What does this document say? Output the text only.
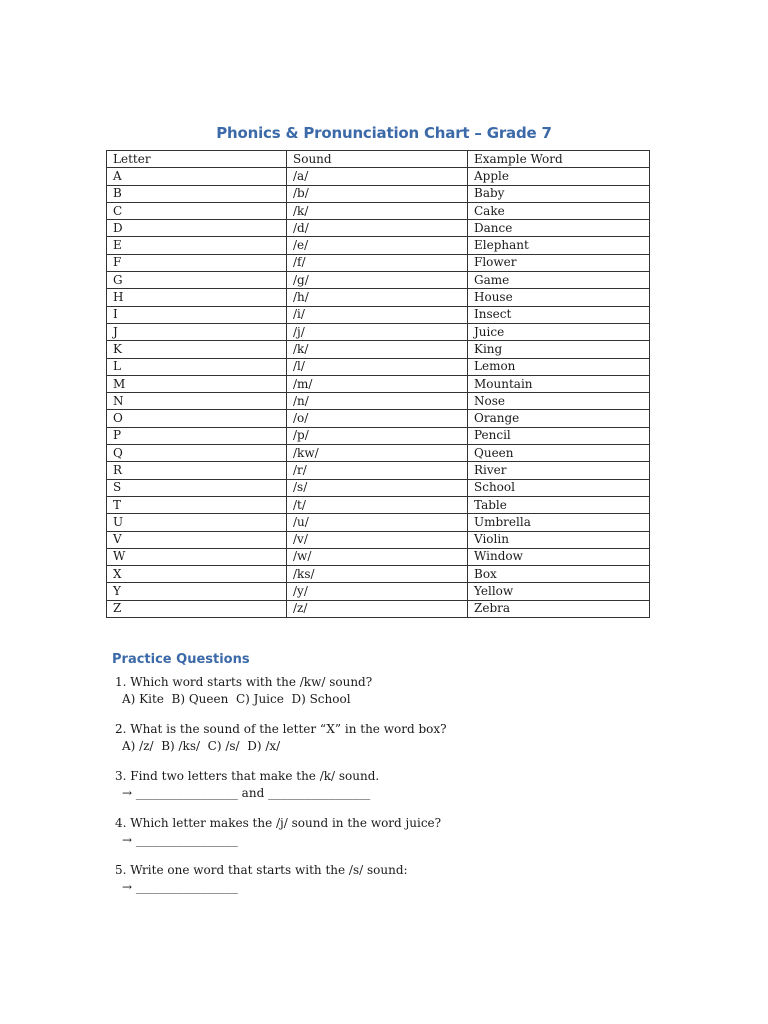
Phonics & Pronunciation Chart – Grade 7
Letter	Sound	Example Word
A	/a/	Apple
B	/b/	Baby
C	/k/	Cake
D	/d/	Dance
E	/e/	Elephant
F	/f/	Flower
G	/g/	Game
H	/h/	House
I	/i/	Insect
J	/j/	Juice
K	/k/	King
L	/l/	Lemon
M	/m/	Mountain
N	/n/	Nose
O	/o/	Orange
P	/p/	Pencil
Q	/kw/	Queen
R	/r/	River
S	/s/	School
T	/t/	Table
U	/u/	Umbrella
V	/v/	Violin
W	/w/	Window
X	/ks/	Box
Y	/y/	Yellow
Z	/z/	Zebra
Practice Questions
1. Which word starts with the /kw/ sound?
A) Kite  B) Queen  C) Juice  D) School
2. What is the sound of the letter “X” in the word box?
A) /z/  B) /ks/  C) /s/  D) /x/
3. Find two letters that make the /k/ sound.
→ _________________ and _________________
4. Which letter makes the /j/ sound in the word juice?
→ _________________
5. Write one word that starts with the /s/ sound:
→ _________________
